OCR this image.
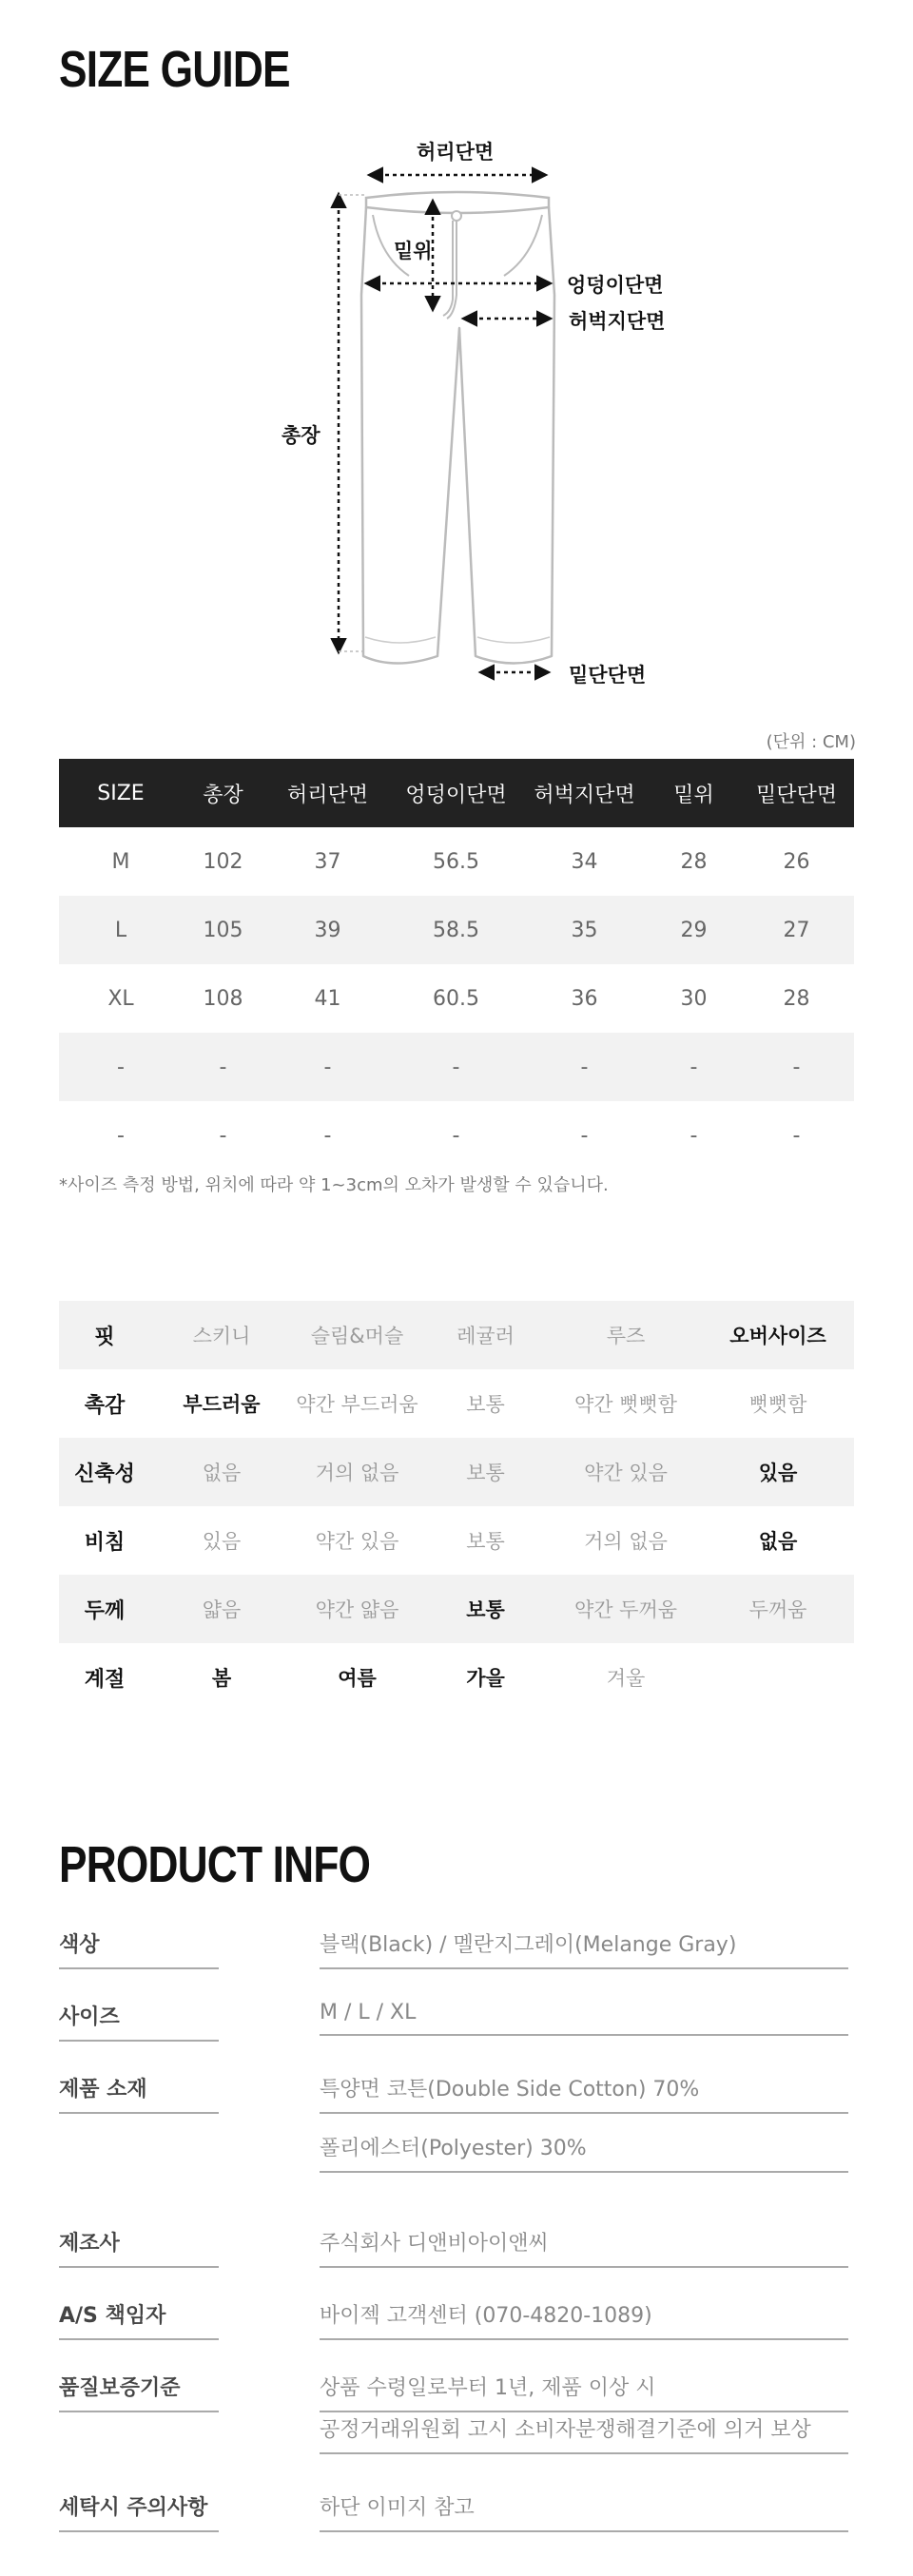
SIZE GUIDE
허리단면
밑위
엉덩이단면
허벅지단면
총장
밑단단면
(단위 : CM)
SIZE	총장	허리단면	엉덩이단면	허벅지단면	밑위	밑단단면
M	102	37	56.5	34	28	26
L	105	39	58.5	35	29	27
XL	108	41	60.5	36	30	28
-	-	-	-	-	-	-
-	-	-	-	-	-	-
*사이즈 측정 방법, 위치에 따라 약 1~3cm의 오차가 발생할 수 있습니다.
핏	스키니	슬림&머슬	레귤러	루즈	오버사이즈
촉감	부드러움	약간 부드러움	보통	약간 뻣뻣함	뻣뻣함
신축성	없음	거의 없음	보통	약간 있음	있음
비침	있음	약간 있음	보통	거의 없음	없음
두께	얇음	약간 얇음	보통	약간 두꺼움	두꺼움
계절	봄	여름	가을	겨울	
PRODUCT INFO
색상	블랙(Black) / 멜란지그레이(Melange Gray)
사이즈	M / L / XL
제품 소재	특양면 코튼(Double Side Cotton) 70%
폴리에스터(Polyester) 30%
제조사	주식회사 디앤비아이앤씨
A/S 책임자	바이젝 고객센터 (070-4820-1089)
품질보증기준	상품 수령일로부터 1년, 제품 이상 시
공정거래위원회 고시 소비자분쟁해결기준에 의거 보상
세탁시 주의사항	하단 이미지 참고
